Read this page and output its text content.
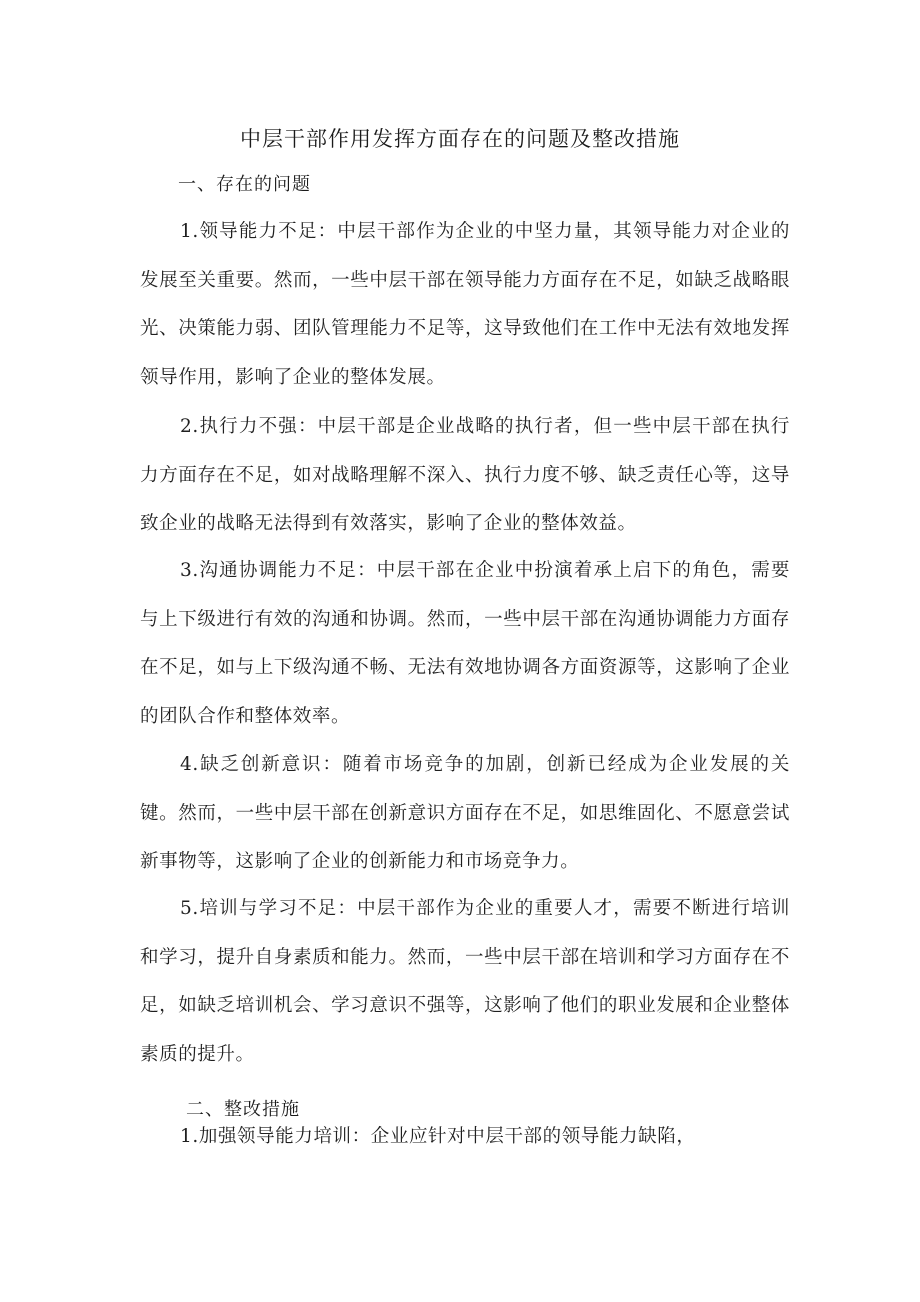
中层干部作用发挥方面存在的问题及整改措施
一、存在的问题
1.领导能力不足：中层干部作为企业的中坚力量，其领导能力对企业的发展至关重要。然而，一些中层干部在领导能力方面存在不足，如缺乏战略眼光、决策能力弱、团队管理能力不足等，这导致他们在工作中无法有效地发挥领导作用，影响了企业的整体发展。
2.执行力不强：中层干部是企业战略的执行者，但一些中层干部在执行力方面存在不足，如对战略理解不深入、执行力度不够、缺乏责任心等，这导致企业的战略无法得到有效落实，影响了企业的整体效益。
3.沟通协调能力不足：中层干部在企业中扮演着承上启下的角色，需要与上下级进行有效的沟通和协调。然而，一些中层干部在沟通协调能力方面存在不足，如与上下级沟通不畅、无法有效地协调各方面资源等，这影响了企业的团队合作和整体效率。
4.缺乏创新意识：随着市场竞争的加剧，创新已经成为企业发展的关键。然而，一些中层干部在创新意识方面存在不足，如思维固化、不愿意尝试新事物等，这影响了企业的创新能力和市场竞争力。
5.培训与学习不足：中层干部作为企业的重要人才，需要不断进行培训和学习，提升自身素质和能力。然而，一些中层干部在培训和学习方面存在不足，如缺乏培训机会、学习意识不强等，这影响了他们的职业发展和企业整体素质的提升。
二、整改措施
1.加强领导能力培训：企业应针对中层干部的领导能力缺陷，
